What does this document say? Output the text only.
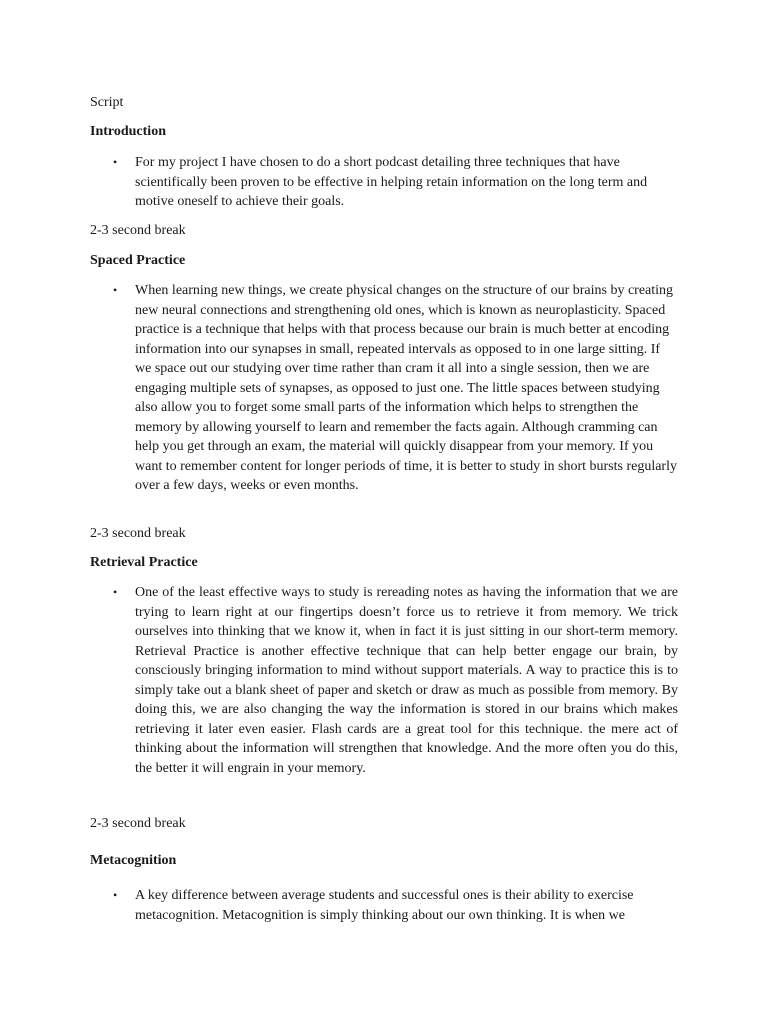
Script
Introduction
• For my project I have chosen to do a short podcast detailing three techniques that have scientifically been proven to be effective in helping retain information on the long term and motive oneself to achieve their goals.
2-3 second break
Spaced Practice
• When learning new things, we create physical changes on the structure of our brains by creating new neural connections and strengthening old ones, which is known as neuroplasticity. Spaced practice is a technique that helps with that process because our brain is much better at encoding information into our synapses in small, repeated intervals as opposed to in one large sitting. If we space out our studying over time rather than cram it all into a single session, then we are engaging multiple sets of synapses, as opposed to just one. The little spaces between studying also allow you to forget some small parts of the information which helps to strengthen the memory by allowing yourself to learn and remember the facts again. Although cramming can help you get through an exam, the material will quickly disappear from your memory. If you want to remember content for longer periods of time, it is better to study in short bursts regularly over a few days, weeks or even months.
2-3 second break
Retrieval Practice
• One of the least effective ways to study is rereading notes as having the information that we are trying to learn right at our fingertips doesn’t force us to retrieve it from memory. We trick ourselves into thinking that we know it, when in fact it is just sitting in our short-term memory. Retrieval Practice is another effective technique that can help better engage our brain, by consciously bringing information to mind without support materials. A way to practice this is to simply take out a blank sheet of paper and sketch or draw as much as possible from memory. By doing this, we are also changing the way the information is stored in our brains which makes retrieving it later even easier. Flash cards are a great tool for this technique. the mere act of thinking about the information will strengthen that knowledge. And the more often you do this, the better it will engrain in your memory.
2-3 second break
Metacognition
• A key difference between average students and successful ones is their ability to exercise metacognition. Metacognition is simply thinking about our own thinking. It is when we
